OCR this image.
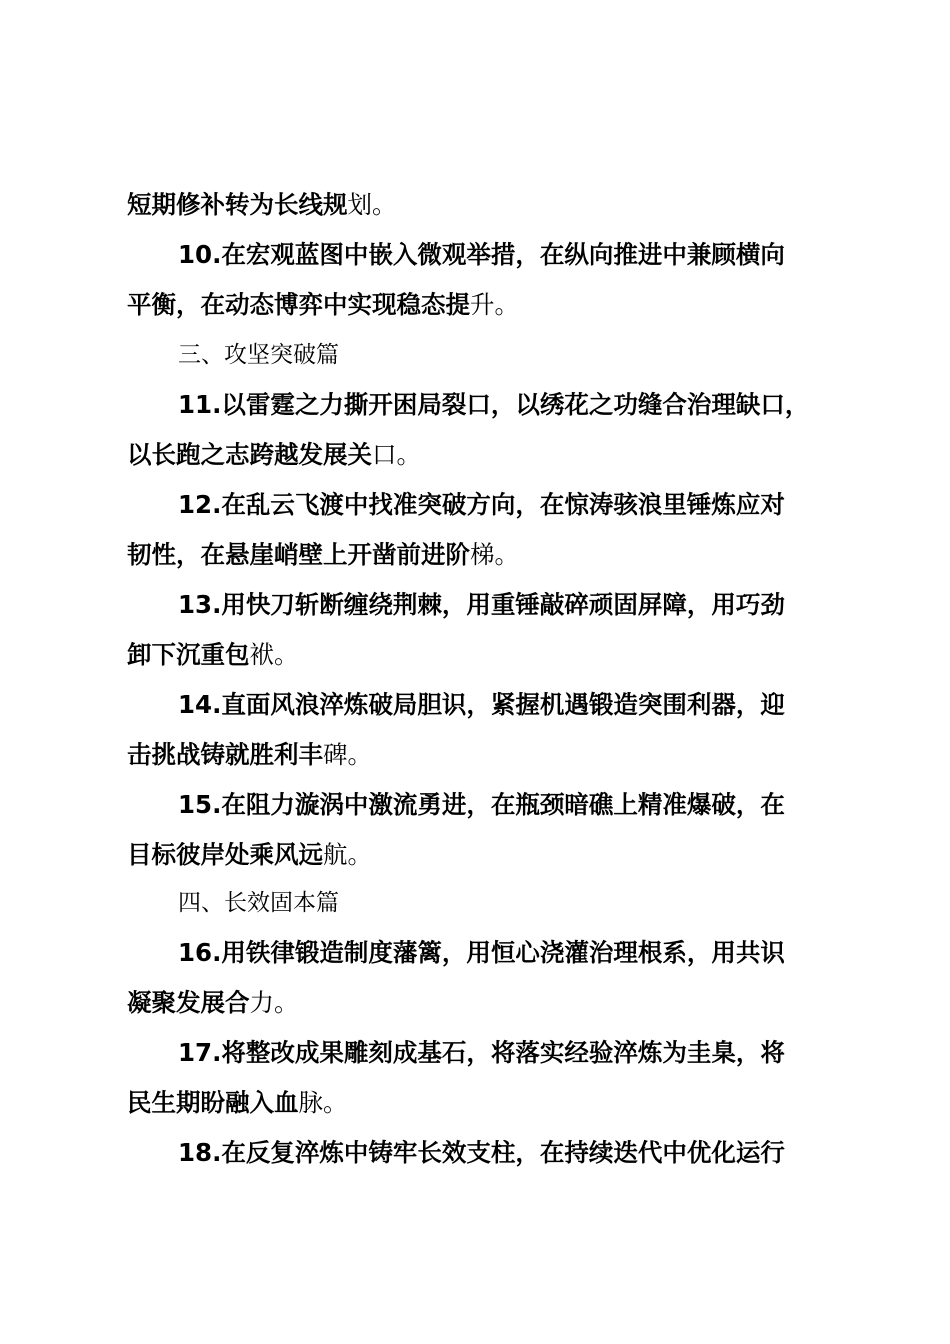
短期修补转为长线规划。
10.在宏观蓝图中嵌入微观举措，在纵向推进中兼顾横向
平衡，在动态博弈中实现稳态提升。
三、攻坚突破篇
11.以雷霆之力撕开困局裂口，以绣花之功缝合治理缺口，
以长跑之志跨越发展关口。
12.在乱云飞渡中找准突破方向，在惊涛骇浪里锤炼应对
韧性，在悬崖峭壁上开凿前进阶梯。
13.用快刀斩断缠绕荆棘，用重锤敲碎顽固屏障，用巧劲
卸下沉重包袱。
14.直面风浪淬炼破局胆识，紧握机遇锻造突围利器，迎
击挑战铸就胜利丰碑。
15.在阻力漩涡中激流勇进，在瓶颈暗礁上精准爆破，在
目标彼岸处乘风远航。
四、长效固本篇
16.用铁律锻造制度藩篱，用恒心浇灌治理根系，用共识
凝聚发展合力。
17.将整改成果雕刻成基石，将落实经验淬炼为圭臬，将
民生期盼融入血脉。
18.在反复淬炼中铸牢长效支柱，在持续迭代中优化运行
